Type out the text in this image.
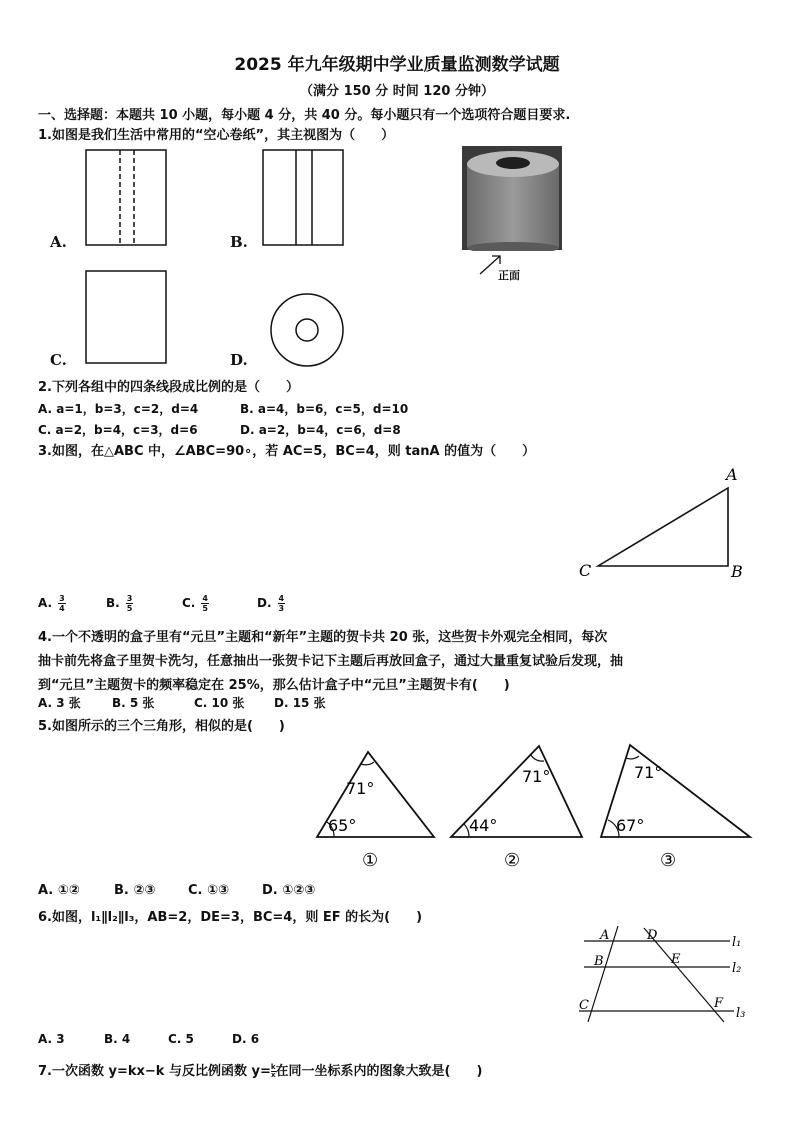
2025 年九年级期中学业质量监测数学试题
（满分 150 分 时间 120 分钟）
一、选择题：本题共 10 小题，每小题 4 分，共 40 分。每小题只有一个选项符合题目要求.
1.如图是我们生活中常用的“空心卷纸”，其主视图为（　　）
A.	B.
正面
C.	D.
2.下列各组中的四条线段成比例的是（　　）
A. a=1，b=3，c=2，d=4	B. a=4，b=6，c=5，d=10
C. a=2，b=4，c=3，d=6	D. a=2，b=4，c=6，d=8
3.如图，在△ABC 中，∠ABC=90∘，若 AC=5，BC=4，则 tanA 的值为（　　）
A
B
C
A. $\frac{3}{4}$	B. $\frac{3}{5}$	C. $\frac{4}{5}$	D. $\frac{4}{3}$
4.一个不透明的盒子里有“元旦”主题和“新年”主题的贺卡共 20 张，这些贺卡外观完全相同，每次
抽卡前先将盒子里贺卡洗匀，任意抽出一张贺卡记下主题后再放回盒子，通过大量重复试验后发现，抽
到“元旦”主题贺卡的频率稳定在 25%，那么估计盒子中“元旦”主题贺卡有(　　)
A. 3 张	B. 5 张	C. 10 张 D. 15 张
5.如图所示的三个三角形，相似的是(　　)
71°
65°
①
71°
44°
②
71°
67°
③
A. ①②	B. ②③	C. ①③	D. ①②③
6.如图，l₁∥l₂∥l₃，AB=2，DE=3，BC=4，则 EF 的长为(　　)
A	D
B	E
C	F
l₁
l₂
l₃
A. 3	B. 4	C. 5	D. 6
7.一次函数 y=kx−k 与反比例函数 $y= \frac{k}{x}$ 在同一坐标系内的图象大致是(　　)
